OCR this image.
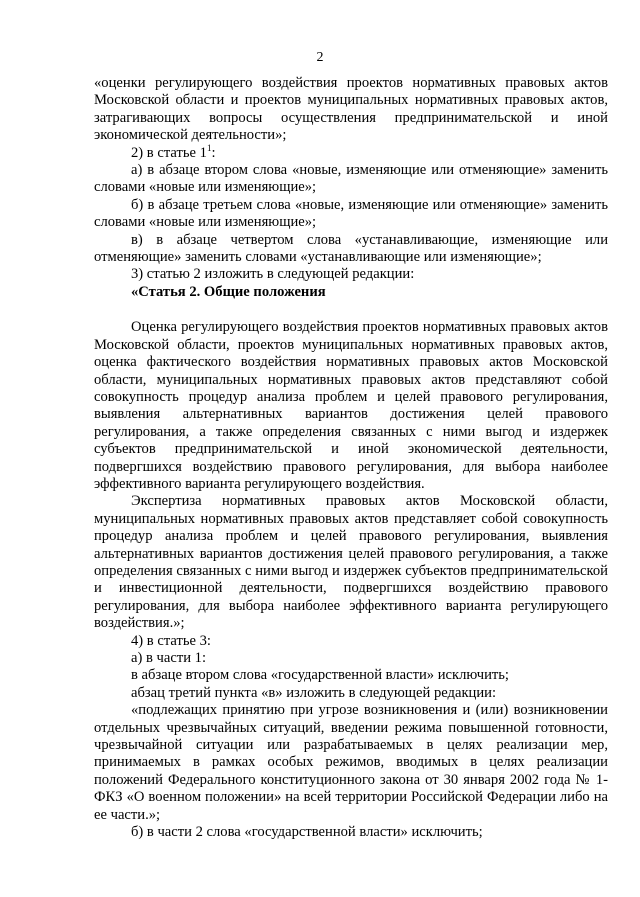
2

«оценки регулирующего воздействия проектов нормативных правовых актов Московской области и проектов муниципальных нормативных правовых актов, затрагивающих вопросы осуществления предпринимательской и иной экономической деятельности»;

2) в статье $1^1$:

а) в абзаце втором слова «новые, изменяющие или отменяющие» заменить словами «новые или изменяющие»;

б) в абзаце третьем слова «новые, изменяющие или отменяющие» заменить словами «новые или изменяющие»;

в) в абзаце четвертом слова «устанавливающие, изменяющие или отменяющие» заменить словами «устанавливающие или изменяющие»;

3) статью 2 изложить в следующей редакции:

«Статья 2. Общие положения

Оценка регулирующего воздействия проектов нормативных правовых актов Московской области, проектов муниципальных нормативных правовых актов, оценка фактического воздействия нормативных правовых актов Московской области, муниципальных нормативных правовых актов представляют собой совокупность процедур анализа проблем и целей правового регулирования, выявления альтернативных вариантов достижения целей правового регулирования, а также определения связанных с ними выгод и издержек субъектов предпринимательской и иной экономической деятельности, подвергшихся воздействию правового регулирования, для выбора наиболее эффективного варианта регулирующего воздействия.

Экспертиза нормативных правовых актов Московской области, муниципальных нормативных правовых актов представляет собой совокупность процедур анализа проблем и целей правового регулирования, выявления альтернативных вариантов достижения целей правового регулирования, а также определения связанных с ними выгод и издержек субъектов предпринимательской и инвестиционной деятельности, подвергшихся воздействию правового регулирования, для выбора наиболее эффективного варианта регулирующего воздействия.»;

4) в статье 3:

а) в части 1:

в абзаце втором слова «государственной власти» исключить;

абзац третий пункта «в» изложить в следующей редакции:

«подлежащих принятию при угрозе возникновения и (или) возникновении отдельных чрезвычайных ситуаций, введении режима повышенной готовности, чрезвычайной ситуации или разрабатываемых в целях реализации мер, принимаемых в рамках особых режимов, вводимых в целях реализации положений Федерального конституционного закона от 30 января 2002 года № 1-ФКЗ «О военном положении» на всей территории Российской Федерации либо на ее части.»;

б) в части 2 слова «государственной власти» исключить;
